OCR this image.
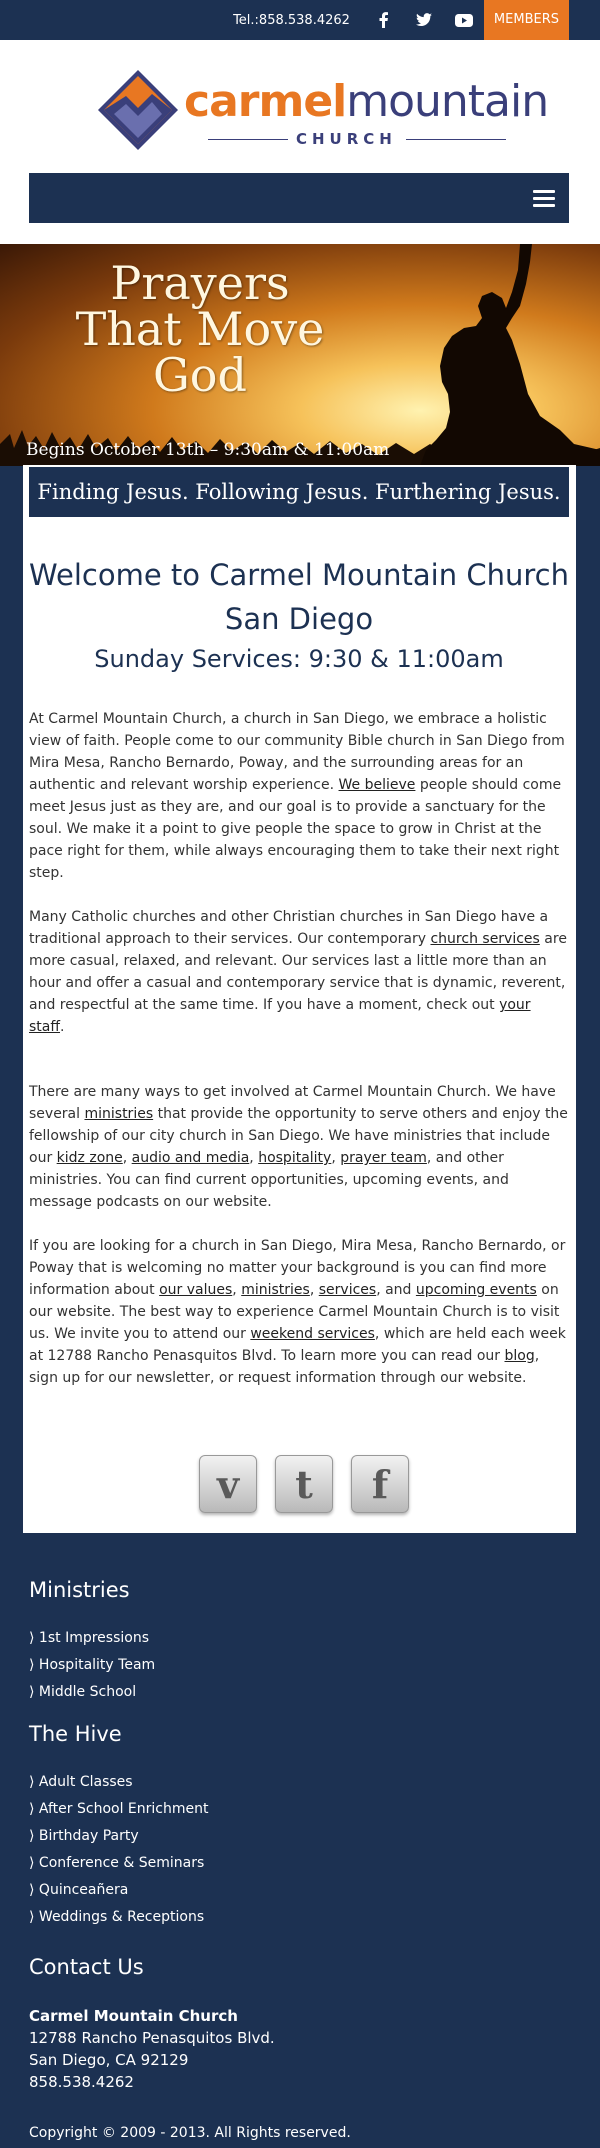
Tel.:858.538.4262	MEMBERS
carmelmountain
CHURCH
Prayers
That Move
God
Begins October 13th – 9:30am & 11:00am
Finding Jesus. Following Jesus. Furthering Jesus.
Welcome to Carmel Mountain Church San Diego
Sunday Services: 9:30 & 11:00am
At Carmel Mountain Church, a church in San Diego, we embrace a holistic view of faith. People come to our community Bible church in San Diego from Mira Mesa, Rancho Bernardo, Poway, and the surrounding areas for an authentic and relevant worship experience. We believe people should come meet Jesus just as they are, and our goal is to provide a sanctuary for the soul. We make it a point to give people the space to grow in Christ at the pace right for them, while always encouraging them to take their next right step.
Many Catholic churches and other Christian churches in San Diego have a traditional approach to their services. Our contemporary church services are more casual, relaxed, and relevant. Our services last a little more than an hour and offer a casual and contemporary service that is dynamic, reverent, and respectful at the same time. If you have a moment, check out your staff.
There are many ways to get involved at Carmel Mountain Church. We have several ministries that provide the opportunity to serve others and enjoy the fellowship of our city church in San Diego. We have ministries that include our kidz zone, audio and media, hospitality, prayer team, and other ministries. You can find current opportunities, upcoming events, and message podcasts on our website.
If you are looking for a church in San Diego, Mira Mesa, Rancho Bernardo, or Poway that is welcoming no matter your background is you can find more information about our values, ministries, services, and upcoming events on our website. The best way to experience Carmel Mountain Church is to visit us. We invite you to attend our weekend services, which are held each week at 12788 Rancho Penasquitos Blvd. To learn more you can read our blog, sign up for our newsletter, or request information through our website.
v	t	f
Ministries
⟩ 1st Impressions
⟩ Hospitality Team
⟩ Middle School
The Hive
⟩ Adult Classes
⟩ After School Enrichment
⟩ Birthday Party
⟩ Conference & Seminars
⟩ Quinceañera
⟩ Weddings & Receptions
Contact Us
Carmel Mountain Church
12788 Rancho Penasquitos Blvd.
San Diego, CA 92129
858.538.4262
Copyright © 2009 - 2013. All Rights reserved.
